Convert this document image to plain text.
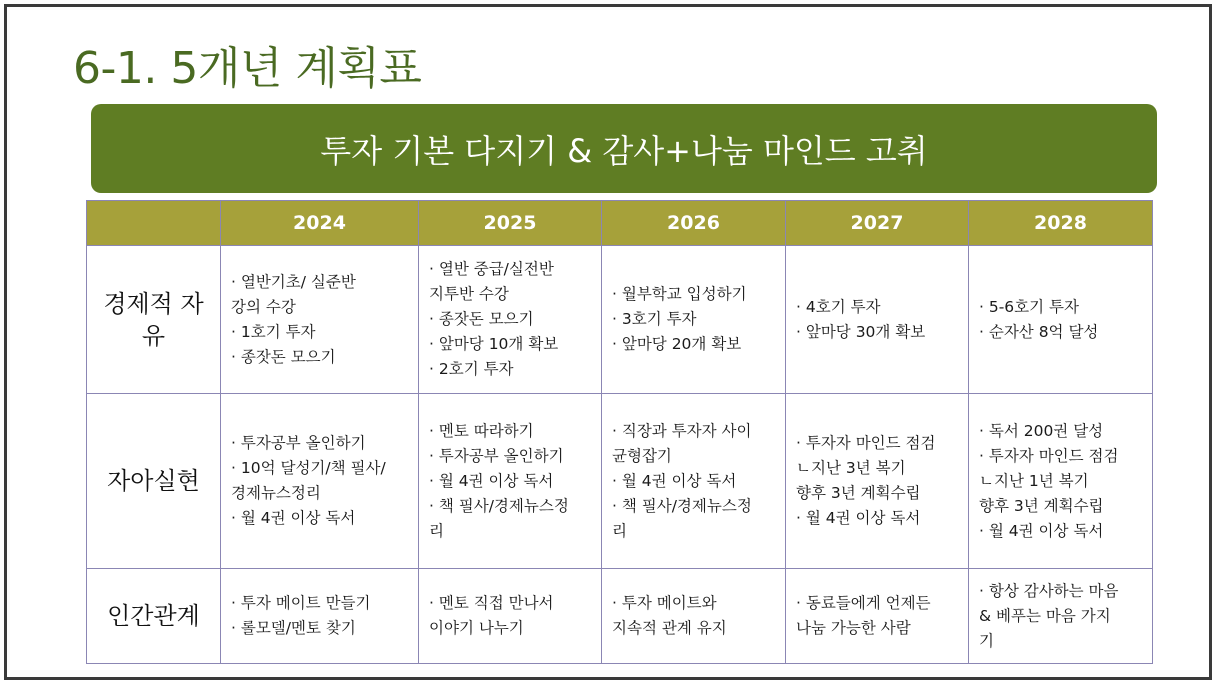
6-1. 5개년 계획표
투자 기본 다지기 & 감사+나눔 마인드 고취
	2024	2025	2026	2027	2028

경제적 자
유	· 열반기초/ 실준반
강의 수강
· 1호기 투자
· 종잣돈 모으기	· 열반 중급/실전반
지투반 수강
· 종잣돈 모으기
· 앞마당 10개 확보
· 2호기 투자	· 월부학교 입성하기
· 3호기 투자
· 앞마당 20개 확보	· 4호기 투자
· 앞마당 30개 확보	· 5-6호기 투자
· 순자산 8억 달성

자아실현	· 투자공부 올인하기
· 10억 달성기/책 필사/
경제뉴스정리
· 월 4권 이상 독서	· 멘토 따라하기
· 투자공부 올인하기
· 월 4권 이상 독서
· 책 필사/경제뉴스정
리	· 직장과 투자자 사이
균형잡기
· 월 4권 이상 독서
· 책 필사/경제뉴스정
리	· 투자자 마인드 점검
ㄴ지난 3년 복기
향후 3년 계획수립
· 월 4권 이상 독서	· 독서 200권 달성
· 투자자 마인드 점검
ㄴ지난 1년 복기
향후 3년 계획수립
· 월 4권 이상 독서

인간관계	· 투자 메이트 만들기
· 롤모델/멘토 찾기	· 멘토 직접 만나서
이야기 나누기	· 투자 메이트와
지속적 관계 유지	· 동료들에게 언제든
나눔 가능한 사람	· 항상 감사하는 마음
& 베푸는 마음 가지
기
